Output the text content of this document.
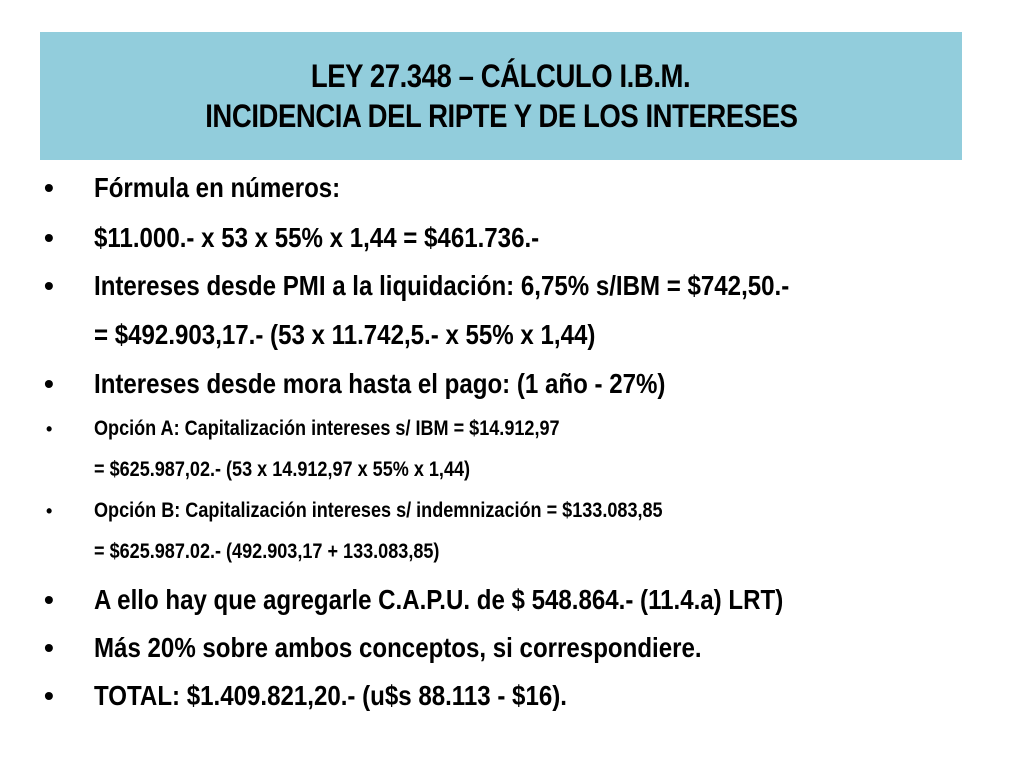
LEY 27.348 – CÁLCULO I.B.M.
INCIDENCIA DEL RIPTE Y DE LOS INTERESES
• Fórmula en números:
• $11.000.- x 53 x 55% x 1,44 = $461.736.-
• Intereses desde PMI a la liquidación: 6,75% s/IBM = $742,50.-
= $492.903,17.- (53 x 11.742,5.- x 55% x 1,44)
• Intereses desde mora hasta el pago: (1 año - 27%)
• Opción A: Capitalización intereses s/ IBM = $14.912,97
= $625.987,02.- (53 x 14.912,97 x 55% x 1,44)
• Opción B: Capitalización intereses s/ indemnización = $133.083,85
= $625.987.02.- (492.903,17 + 133.083,85)
• A ello hay que agregarle C.A.P.U. de $ 548.864.- (11.4.a) LRT)
• Más 20% sobre ambos conceptos, si correspondiere.
• TOTAL: $1.409.821,20.- (u$s 88.113 - $16).
